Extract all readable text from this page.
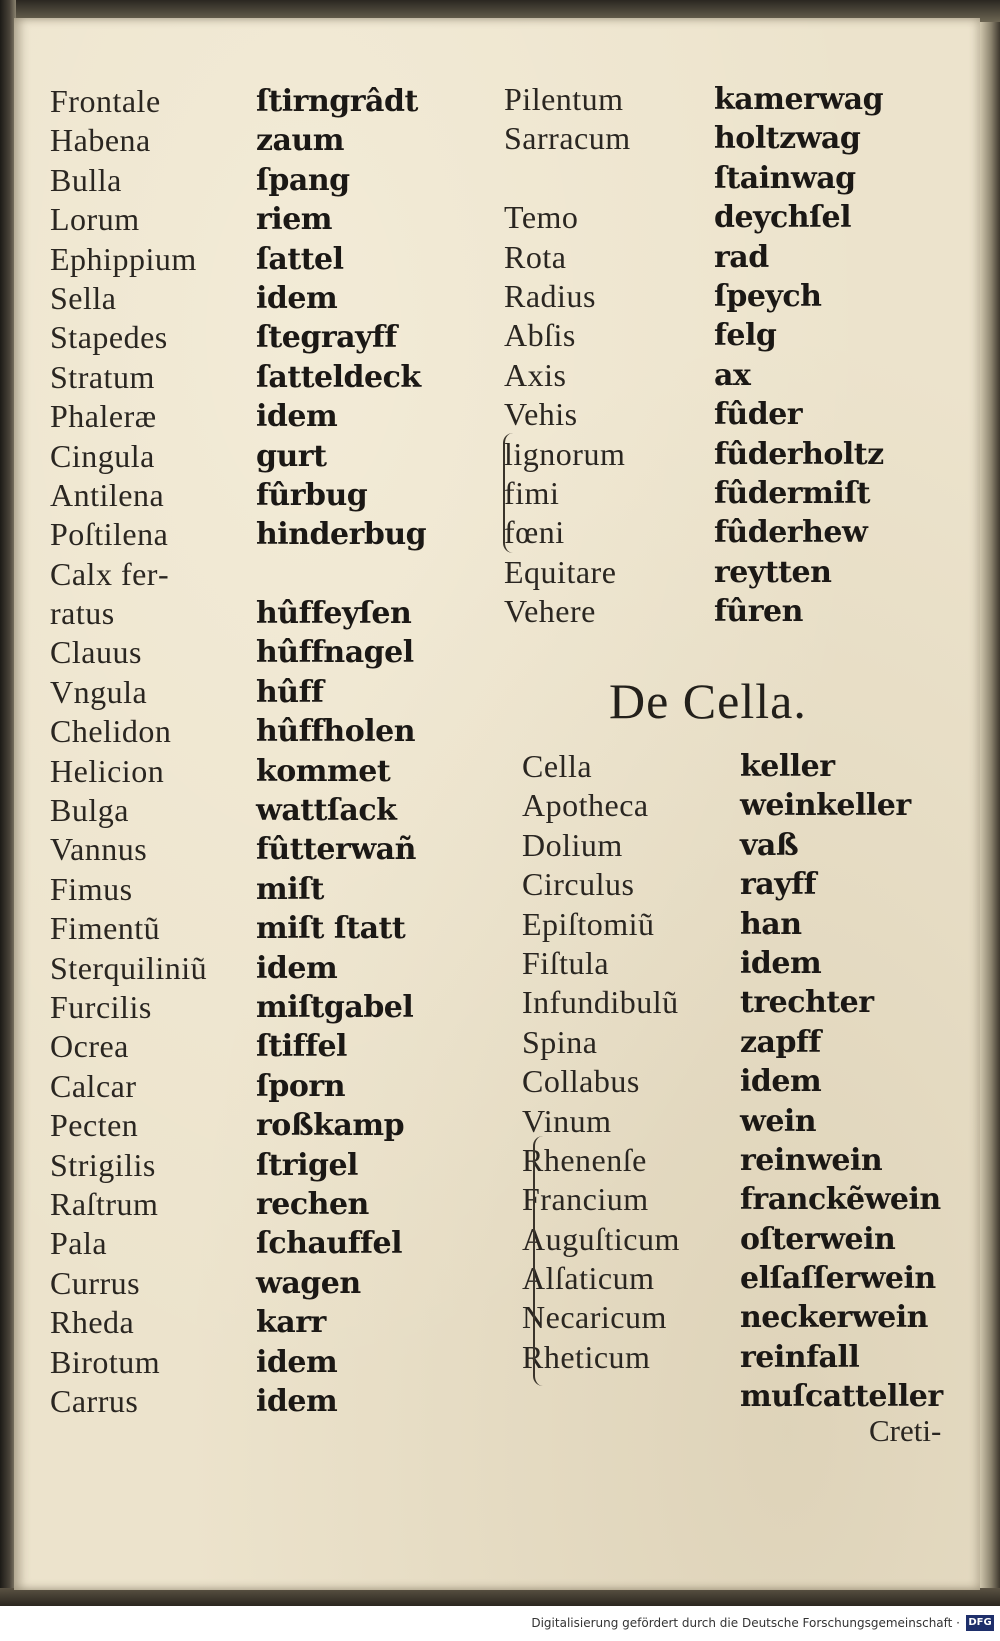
Frontale	ſtirngrâdt
Habena	zaum
Bulla	ſpang
Lorum	riem
Ephippium ſattel
Sella	idem
Stapedes	ſtegrayff
Stratum	ſatteldeck
Phaleræ	idem
Cingula	gurt
Antilena	fûrbug
Poſtilena	hinderbug
Calx fer‑
ratus	hûffeyſen
Clauus	hûffnagel
Vngula	hûff
Chelidon	hûffholen
Helicion	kommet
Bulga	wattſack
Vannus	fûtterwañ
Fimus	miſt
Fimentũ	miſt ſtatt
Sterquiliniũ idem
Furcilis	miſtgabel
Ocrea	ſtiffel
Calcar	ſporn
Pecten	roßkamp
Strigilis	ſtrigel
Raſtrum	rechen
Pala	ſchauffel
Currus	wagen
Rheda	karr
Birotum	idem
Carrus	idem
Pilentum	kamerwag
Sarracum	holtzwag
ſtainwag
Temo	deychſel
Rota	rad
Radius	ſpeych
Abſis	felg
Axis	ax
Vehis	fûder
lignorum	fûderholtz
fimi	fûdermiſt
fœni	fûderhew
Equitare	reytten
Vehere	fûren
De Cella.
Cella	keller
Apotheca	weinkeller
Dolium	vaß
Circulus	rayff
Epiſtomiũ	han
Fiſtula	idem
Infundibulũ trechter
Spina	zapff
Collabus	idem
Vinum	wein
Rhenenſe	reinwein
Francium	franckẽwein
Auguſticum oſterwein
Alſaticum	elſaſſerwein
Necaricum neckerwein
Rheticum	reinfall
muſcatteller
Creti‑
Digitalisierung gefördert durch die Deutsche Forschungsgemeinschaft · DFG
